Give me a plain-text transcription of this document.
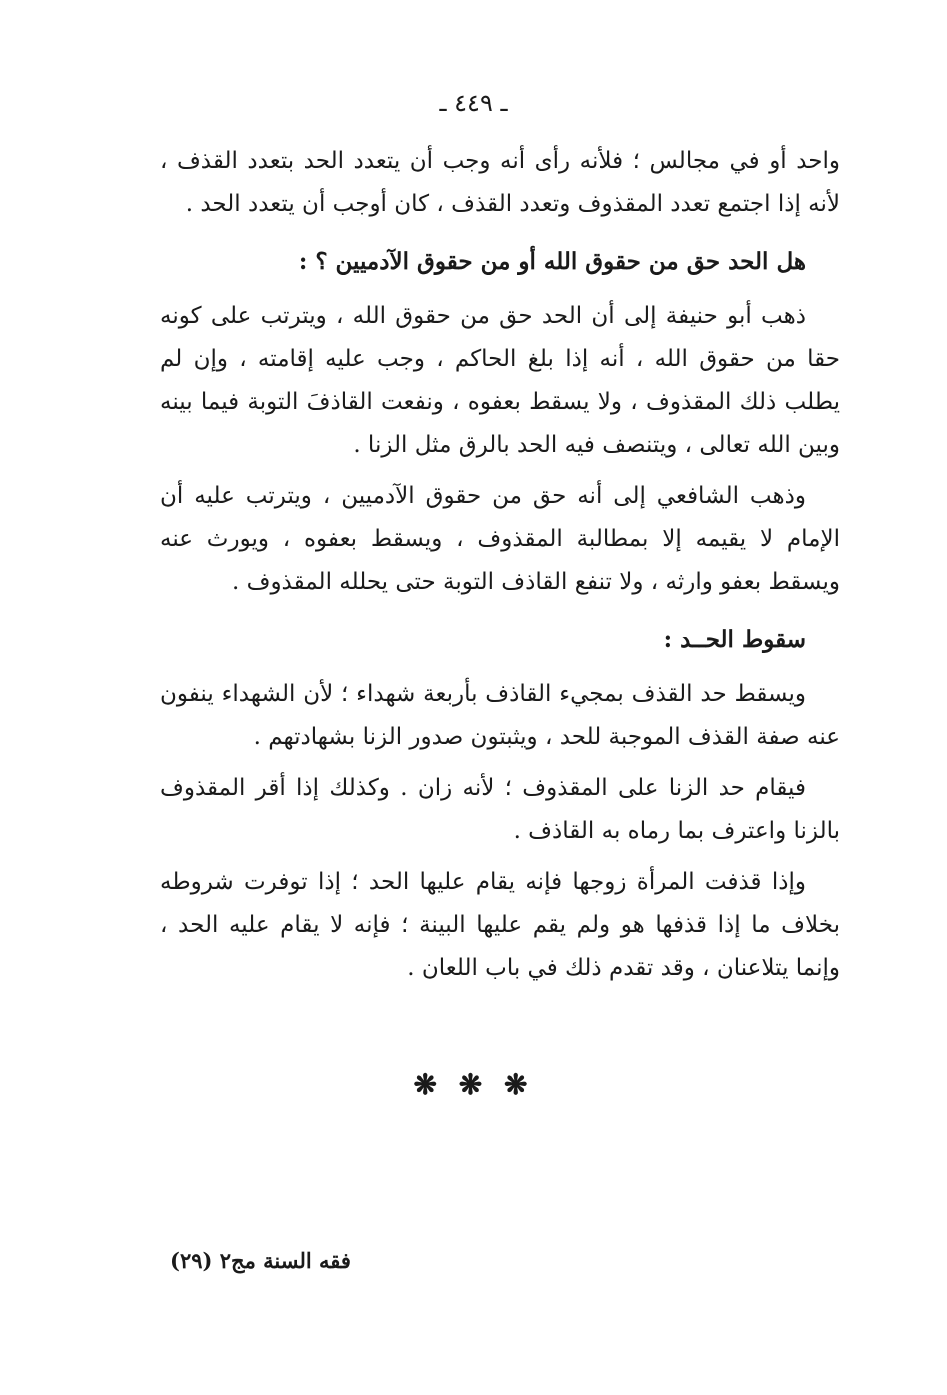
ـ ٤٤٩ ـ

واحد أو في مجالس ؛ فلأنه رأى أنه وجب أن يتعدد الحد بتعدد القذف ، لأنه إذا اجتمع تعدد المقذوف وتعدد القذف ، كان أوجب أن يتعدد الحد .

هل الحد حق من حقوق الله أو من حقوق الآدميين ؟ :

ذهب أبو حنيفة إلى أن الحد حق من حقوق الله ، ويترتب على كونه حقا من حقوق الله ، أنه إذا بلغ الحاكم ، وجب عليه إقامته ، وإن لم يطلب ذلك المقذوف ، ولا يسقط بعفوه ، ونفعت القاذفَ التوبة فيما بينه وبين الله تعالى ، ويتنصف فيه الحد بالرق مثل الزنا .

وذهب الشافعي إلى أنه حق من حقوق الآدميين ، ويترتب عليه أن الإمام لا يقيمه إلا بمطالبة المقذوف ، ويسقط بعفوه ، ويورث عنه ويسقط بعفو وارثه ، ولا تنفع القاذف التوبة حتى يحلله المقذوف .

سقوط الحــد :

ويسقط حد القذف بمجيء القاذف بأربعة شهداء ؛ لأن الشهداء ينفون عنه صفة القذف الموجبة للحد ، ويثبتون صدور الزنا بشهادتهم .

فيقام حد الزنا على المقذوف ؛ لأنه زان . وكذلك إذا أقر المقذوف بالزنا واعترف بما رماه به القاذف .

وإذا قذفت المرأة زوجها فإنه يقام عليها الحد ؛ إذا توفرت شروطه بخلاف ما إذا قذفها هو ولم يقم عليها البينة ؛ فإنه لا يقام عليه الحد ، وإنما يتلاعنان ، وقد تقدم ذلك في باب اللعان .

❋ ❋ ❋
فقه السنة مج٢ (٢٩)
